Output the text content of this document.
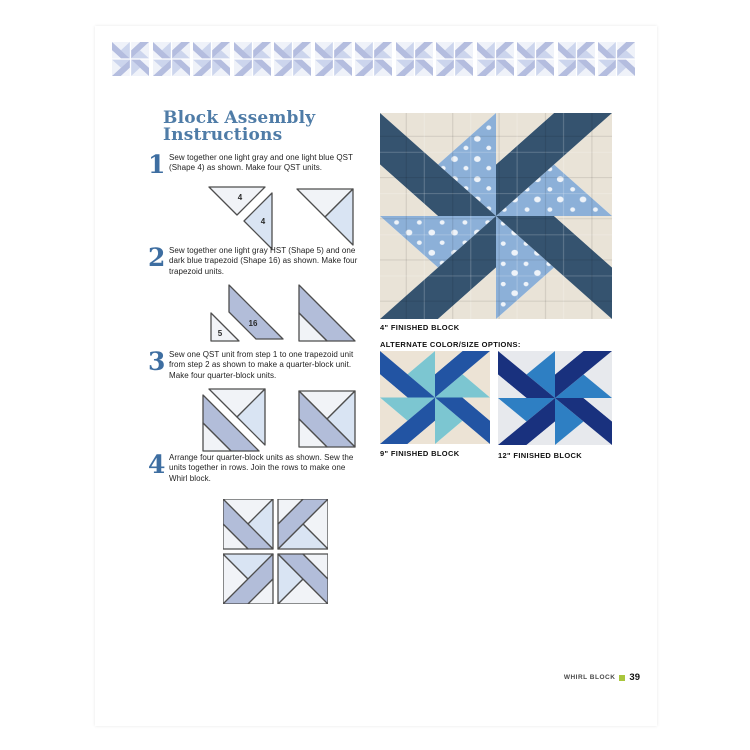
Block Assembly
Instructions
1 Sew together one light gray and one light blue QST (Shape 4) as shown. Make four QST units.
4
4
2 Sew together one light gray HST (Shape 5) and one dark blue trapezoid (Shape 16) as shown. Make four trapezoid units.
16
5
3 Sew one QST unit from step 1 to one trapezoid unit from step 2 as shown to make a quarter-block unit. Make four quarter-block units.
4 Arrange four quarter-block units as shown. Sew the units together in rows. Join the rows to make one Whirl block.
4" FINISHED BLOCK
ALTERNATE COLOR/SIZE OPTIONS:
9" FINISHED BLOCK	12" FINISHED BLOCK
WHIRL BLOCK 39
